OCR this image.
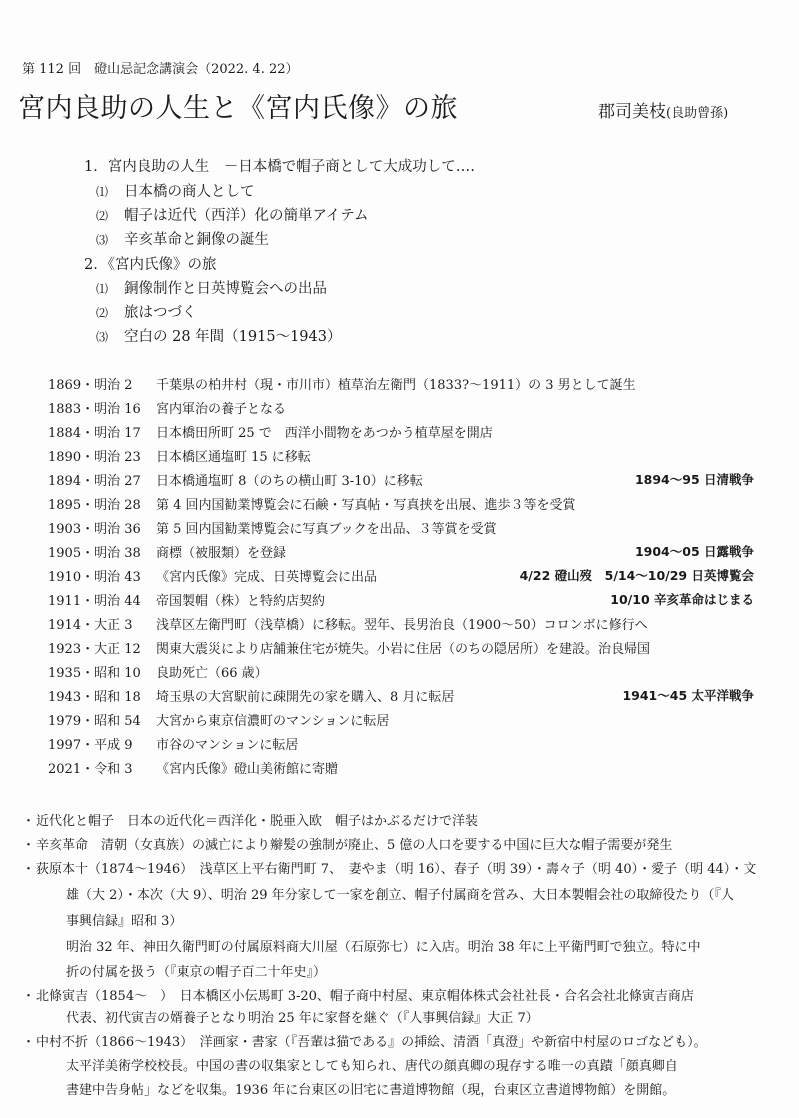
第 112 回　磴山忌記念講演会（2022. 4. 22）
宮内良助の人生と《宮内氏像》の旅	郡司美枝(良助曾孫)
1．宮内良助の人生　－日本橋で帽子商として大成功して‥‥
⑴ 日本橋の商人として
⑵ 帽子は近代（西洋）化の簡単アイテム
⑶ 辛亥革命と銅像の誕生
2．《宮内氏像》の旅
⑴ 銅像制作と日英博覧会への出品
⑵ 旅はつづく
⑶ 空白の 28 年間（1915～1943）
1869・明治 2 千葉県の柏井村（現・市川市）植草治左衛門（1833?～1911）の 3 男として誕生
1883・明治 16 宮内軍治の養子となる
1884・明治 17 日本橋田所町 25 で　西洋小間物をあつかう植草屋を開店
1890・明治 23 日本橋区通塩町 15 に移転
1894・明治 27 日本橋通塩町 8（のちの横山町 3-10）に移転	1894～95 日清戦争
1895・明治 28 第 4 回内国勧業博覧会に石鹸・写真帖・写真挟を出展、進歩３等を受賞
1903・明治 36 第 5 回内国勧業博覧会に写真ブックを出品、３等賞を受賞
1905・明治 38 商標（被服類）を登録	1904～05 日露戦争
1910・明治 43 《宮内氏像》完成、日英博覧会に出品	4/22 磴山歿　5/14～10/29 日英博覧会
1911・明治 44 帝国製帽（株）と特約店契約	10/10 辛亥革命はじまる
1914・大正 3 浅草区左衛門町（浅草橋）に移転。翌年、長男治良（1900～50）コロンボに修行へ
1923・大正 12 関東大震災により店舗兼住宅が焼失。小岩に住居（のちの隠居所）を建設。治良帰国
1935・昭和 10 良助死亡（66 歳）
1943・昭和 18 埼玉県の大宮駅前に疎開先の家を購入、8 月に転居	1941～45 太平洋戦争
1979・昭和 54 大宮から東京信濃町のマンションに転居
1997・平成 9 市谷のマンションに転居
2021・令和 3 《宮内氏像》磴山美術館に寄贈
・ 近代化と帽子　日本の近代化＝西洋化・脱亜入欧　帽子はかぶるだけで洋装
・ 辛亥革命　清朝（女真族）の滅亡により辮髪の強制が廃止、5 億の人口を要する中国に巨大な帽子需要が発生
・ 荻原本十（1874～1946）　浅草区上平右衛門町 7、　妻やま（明 16）、春子（明 39）・壽々子（明 40）・愛子（明 44）・文
雄（大 2）・本次（大 9）、明治 29 年分家して一家を創立、帽子付属商を営み、大日本製帽会社の取締役たり（『人
事興信録』昭和 3）
明治 32 年、神田久衛門町の付属原料商大川屋（石原弥七）に入店。明治 38 年に上平衛門町で独立。特に中
折の付属を扱う（『東京の帽子百二十年史』）
・ 北條寅吉（1854～　）　日本橋区小伝馬町 3-20、帽子商中村屋、東京帽体株式会社社長・合名会社北條寅吉商店
代表、初代寅吉の婿養子となり明治 25 年に家督を継ぐ（『人事興信録』大正 7）
・ 中村不折（1866～1943）　洋画家・書家（『吾輩は猫である』の挿絵、清酒「真澄」や新宿中村屋のロゴなども）。
太平洋美術学校校長。中国の書の収集家としても知られ、唐代の顔真卿の現存する唯一の真蹟「顔真卿自
書建中告身帖」などを収集。1936 年に台東区の旧宅に書道博物館（現，台東区立書道博物館）を開館。
